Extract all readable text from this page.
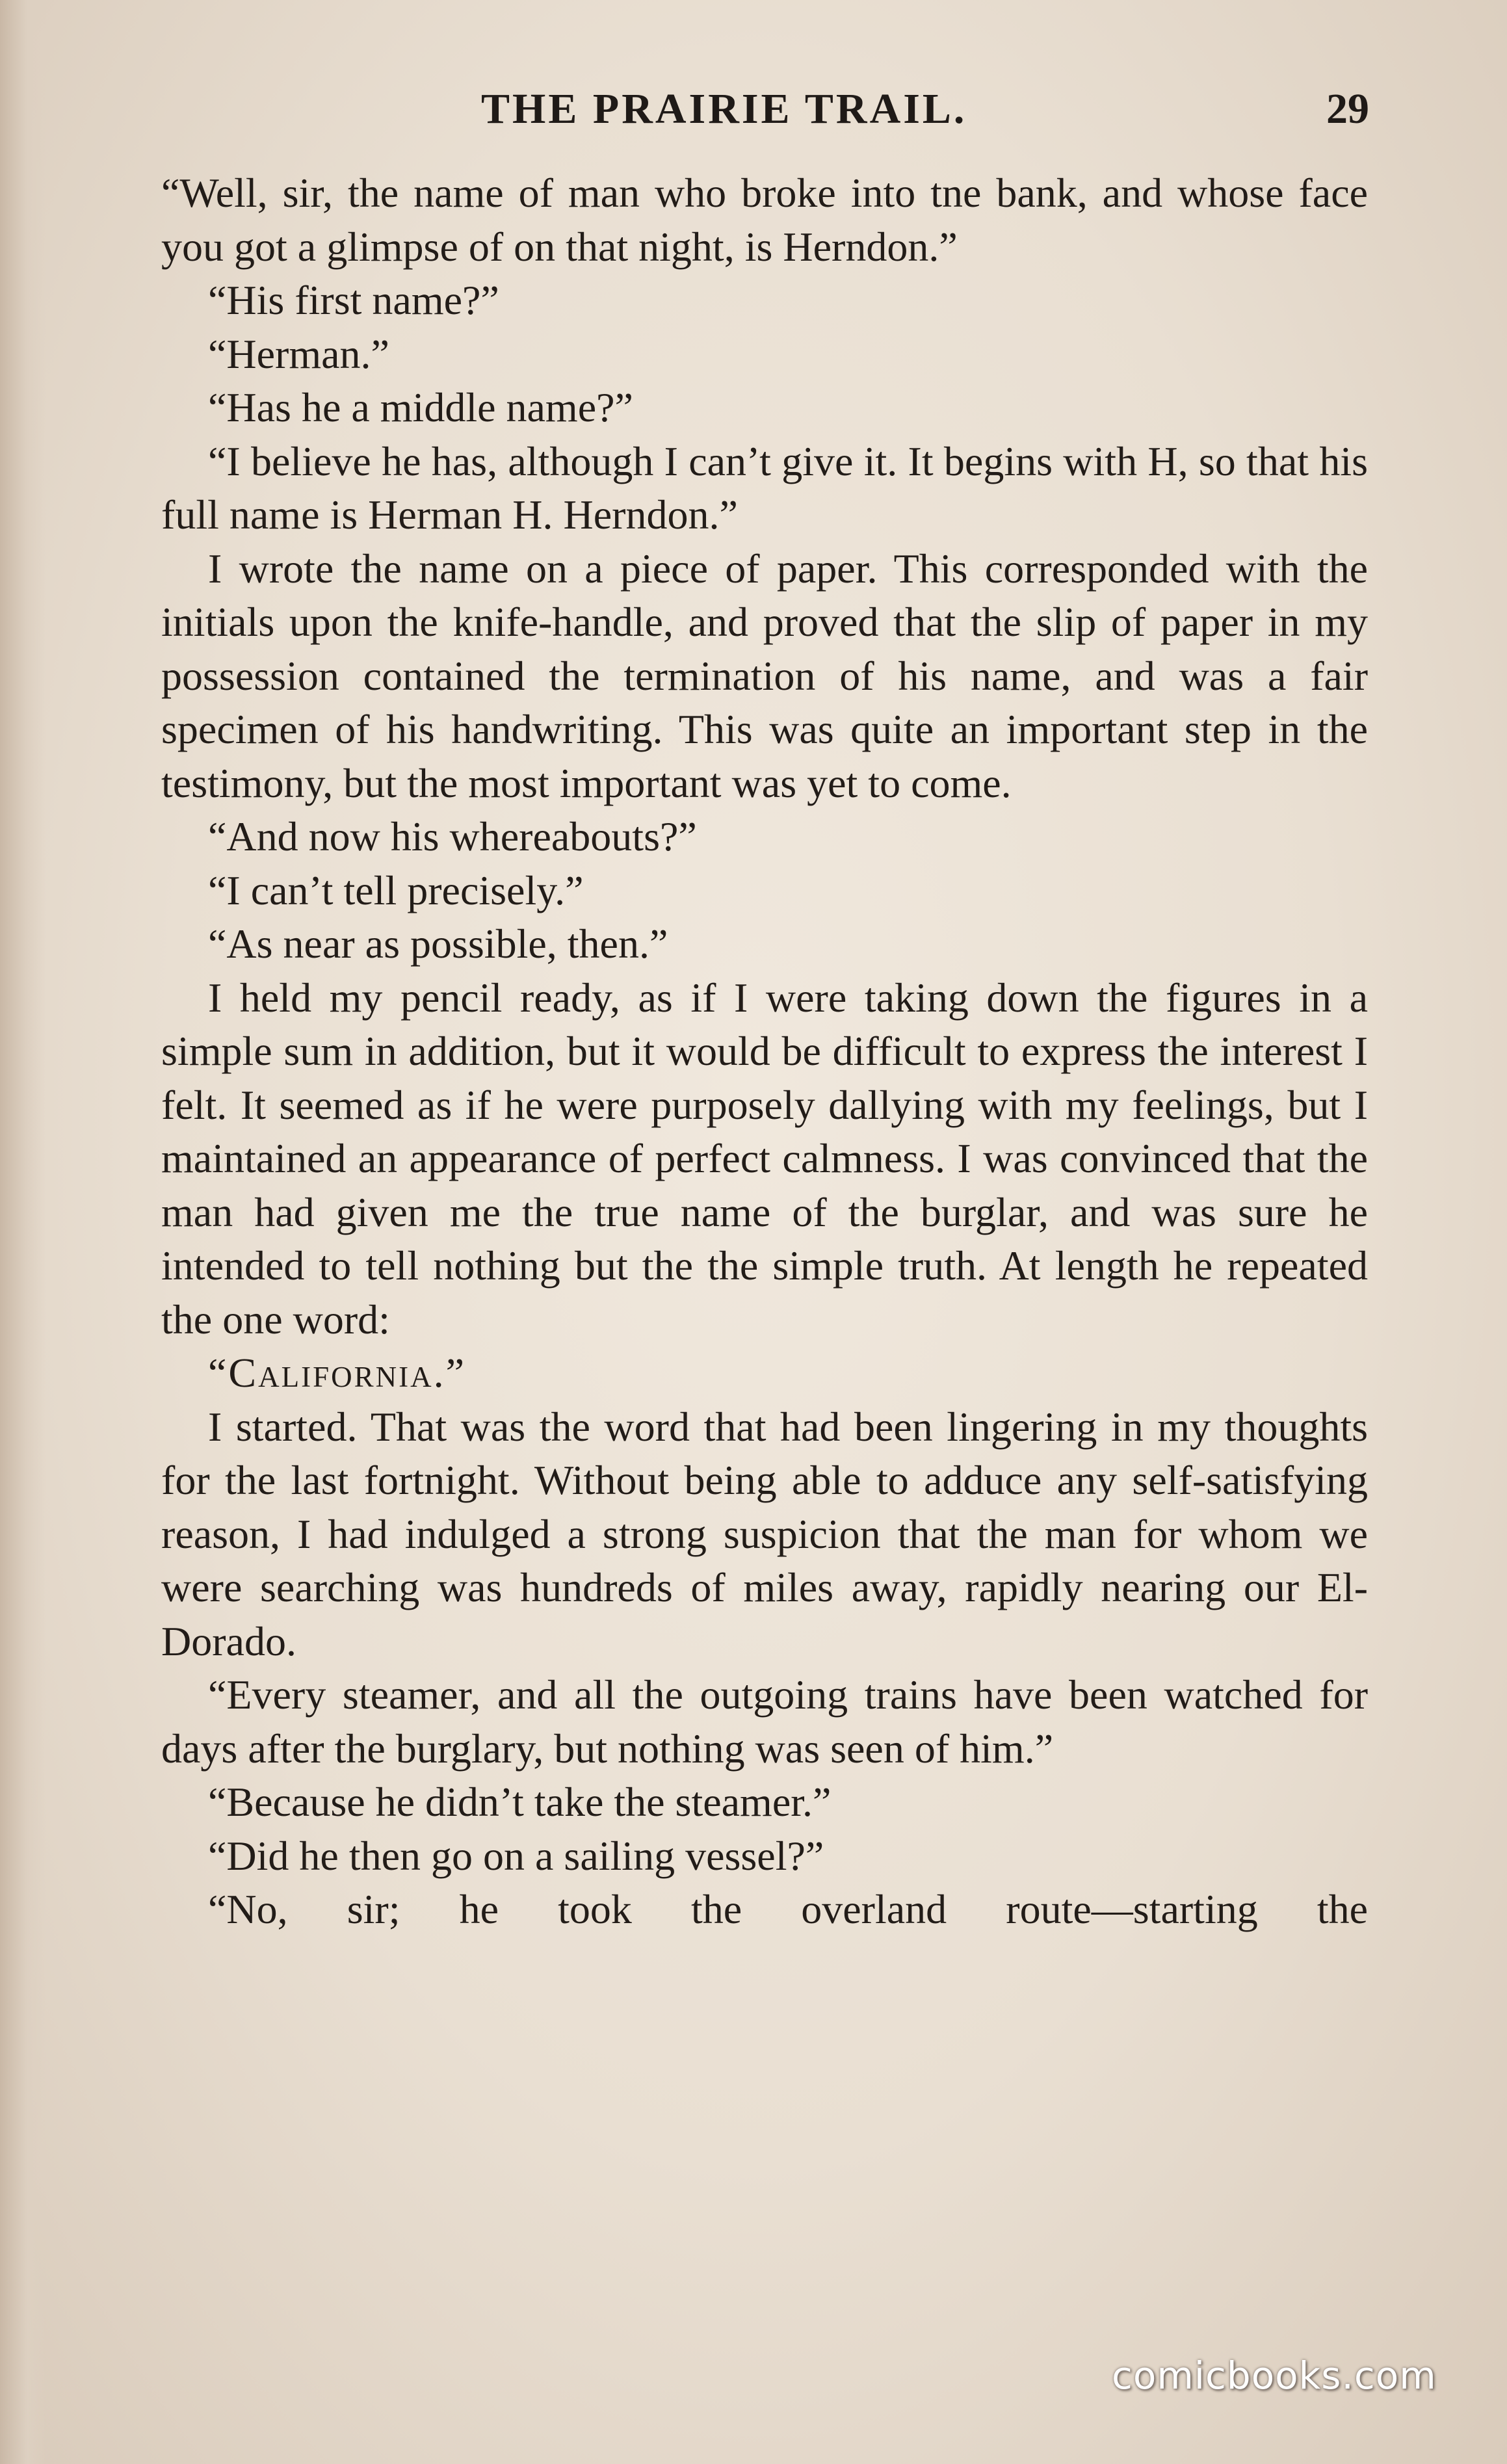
THE PRAIRIE TRAIL.	29

“Well, sir, the name of man who broke into tne bank, and whose face you got a glimpse of on that night, is Herndon.”

“His first name?”

“Herman.”

“Has he a middle name?”

“I believe he has, although I can’t give it. It begins with H, so that his full name is Herman H. Herndon.”

I wrote the name on a piece of paper. This corresponded with the initials upon the knife-handle, and proved that the slip of paper in my possession contained the termination of his name, and was a fair specimen of his handwriting. This was quite an important step in the testimony, but the most important was yet to come.

“And now his whereabouts?”

“I can’t tell precisely.”

“As near as possible, then.”

I held my pencil ready, as if I were taking down the figures in a simple sum in addition, but it would be difficult to express the interest I felt. It seemed as if he were purposely dallying with my feelings, but I maintained an appearance of perfect calmness. I was convinced that the man had given me the true name of the burglar, and was sure he intended to tell nothing but the the simple truth. At length he repeated the one word:

“California.”

I started. That was the word that had been lingering in my thoughts for the last fortnight. Without being able to adduce any self-satisfying reason, I had indulged a strong suspicion that the man for whom we were searching was hundreds of miles away, rapidly nearing our El-Dorado.

“Every steamer, and all the outgoing trains have been watched for days after the burglary, but nothing was seen of him.”

“Because he didn’t take the steamer.”

“Did he then go on a sailing vessel?”

“No, sir; he took the overland route—starting the

comicbooks.com
